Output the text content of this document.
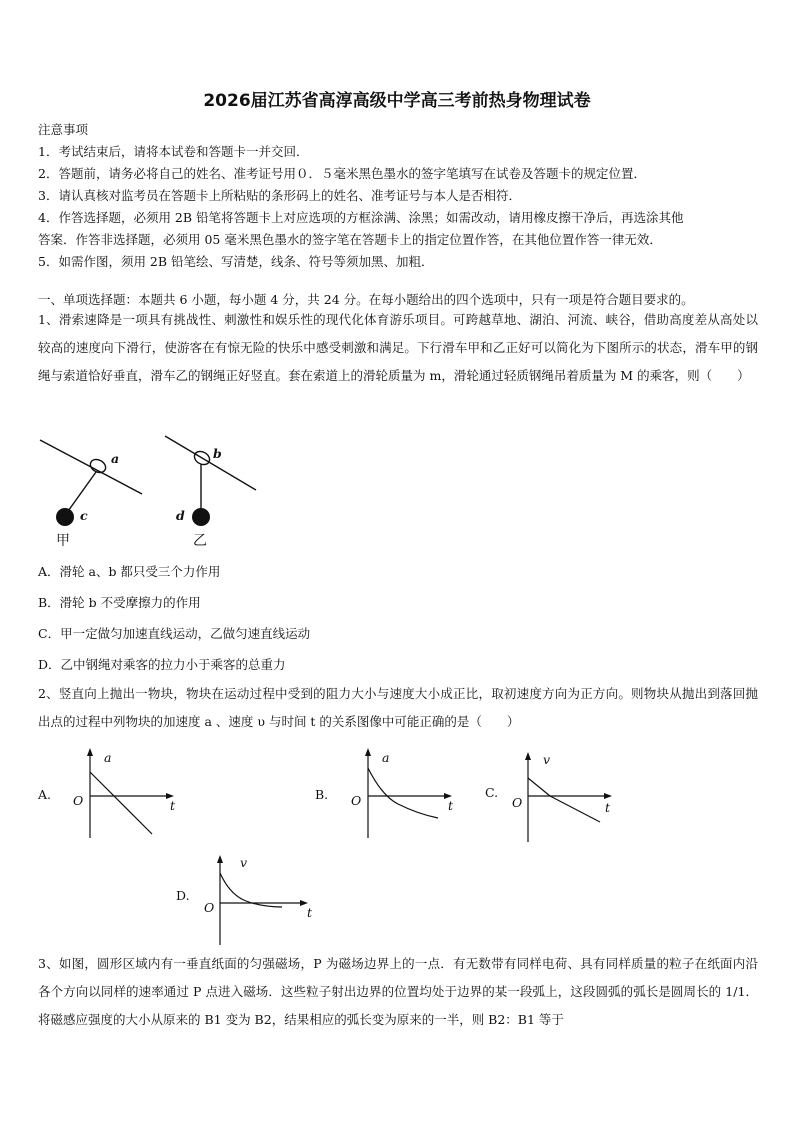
2026届江苏省高淳高级中学高三考前热身物理试卷
注意事项
1．考试结束后，请将本试卷和答题卡一并交回．
2．答题前，请务必将自己的姓名、准考证号用０．５毫米黑色墨水的签字笔填写在试卷及答题卡的规定位置．
3．请认真核对监考员在答题卡上所粘贴的条形码上的姓名、准考证号与本人是否相符．
4．作答选择题，必须用 2B 铅笔将答题卡上对应选项的方框涂满、涂黑；如需改动，请用橡皮擦干净后，再选涂其他
答案．作答非选择题，必须用 05 毫米黑色墨水的签字笔在答题卡上的指定位置作答，在其他位置作答一律无效．
5．如需作图，须用 2B 铅笔绘、写清楚，线条、符号等须加黑、加粗．
一、单项选择题：本题共 6 小题，每小题 4 分，共 24 分。在每小题给出的四个选项中，只有一项是符合题目要求的。
1、滑索速降是一项具有挑战性、刺激性和娱乐性的现代化体育游乐项目。可跨越草地、湖泊、河流、峡谷，借助高度差从高处以较高的速度向下滑行，使游客在有惊无险的快乐中感受刺激和满足。下行滑车甲和乙正好可以简化为下图所示的状态，滑车甲的钢绳与索道恰好垂直，滑车乙的钢绳正好竖直。套在索道上的滑轮质量为 m，滑轮通过轻质钢绳吊着质量为 M 的乘客，则（　　）
a	b
c	d
甲	乙
A．滑轮 a、b 都只受三个力作用
B．滑轮 b 不受摩擦力的作用
C．甲一定做匀加速直线运动，乙做匀速直线运动
D．乙中钢绳对乘客的拉力小于乘客的总重力
2、竖直向上抛出一物块，物块在运动过程中受到的阻力大小与速度大小成正比，取初速度方向为正方向。则物块从抛出到落回抛出点的过程中列物块的加速度 a 、速度 υ 与时间 t 的关系图像中可能正确的是（　　）
A.
a
O	t
B.
a
O	t
C.
v
O	t
D.
v
O	t
3、如图，圆形区域内有一垂直纸面的匀强磁场，P 为磁场边界上的一点．有无数带有同样电荷、具有同样质量的粒子在纸面内沿各个方向以同样的速率通过 P 点进入磁场．这些粒子射出边界的位置均处于边界的某一段弧上，这段圆弧的弧长是圆周长的 1/1．将磁感应强度的大小从原来的 B1 变为 B2，结果相应的弧长变为原来的一半，则 B2：B1 等于
